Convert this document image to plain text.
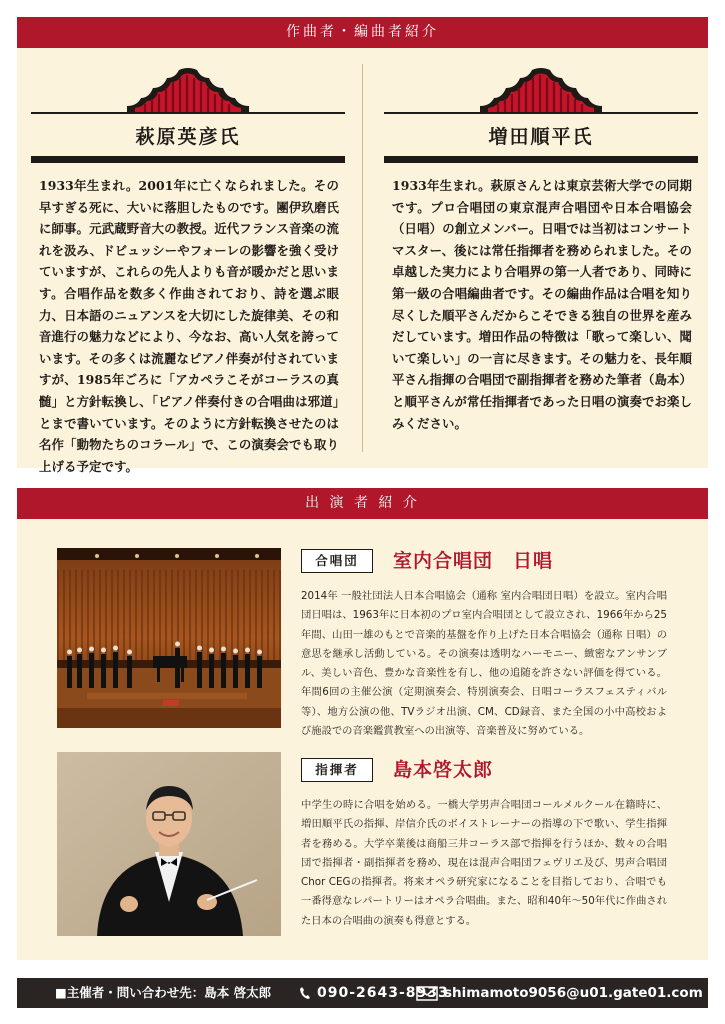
作曲者・編曲者紹介
萩原英彦氏
1933年生まれ。2001年に亡くなられました。その早すぎる死に、大いに落胆したものです。團伊玖磨氏に師事。元武蔵野音大の教授。近代フランス音楽の流れを汲み、ドビュッシーやフォーレの影響を強く受けていますが、これらの先人よりも音が暖かだと思います。合唱作品を数多く作曲されており、詩を選ぶ眼力、日本語のニュアンスを大切にした旋律美、その和音進行の魅力などにより、今なお、高い人気を誇っています。その多くは流麗なピアノ伴奏が付されていますが、1985年ごろに「アカペラこそがコーラスの真髄」と方針転換し、「ピアノ伴奏付きの合唱曲は邪道」とまで書いています。そのように方針転換させたのは名作「動物たちのコラール」で、この演奏会でも取り上げる予定です。
増田順平氏
1933年生まれ。萩原さんとは東京芸術大学での同期です。プロ合唱団の東京混声合唱団や日本合唱協会（日唱）の創立メンバー。日唱では当初はコンサートマスター、後には常任指揮者を務められました。その卓越した実力により合唱界の第一人者であり、同時に第一級の合唱編曲者です。その編曲作品は合唱を知り尽くした順平さんだからこそできる独自の世界を産みだしています。増田作品の特徴は「歌って楽しい、聞いて楽しい」の一言に尽きます。その魅力を、長年順平さん指揮の合唱団で副指揮者を務めた筆者（島本）と順平さんが常任指揮者であった日唱の演奏でお楽しみください。
出 演 者 紹 介
合唱団	室内合唱団　日唱
2014年 一般社団法人日本合唱協会（通称 室内合唱団日唱）を設立。室内合唱団日唱は、1963年に日本初のプロ室内合唱団として設立され、1966年から25年間、山田一雄のもとで音楽的基盤を作り上げた日本合唱協会（通称 日唱）の意思を継承し活動している。その演奏は透明なハーモニー、緻密なアンサンブル、美しい音色、豊かな音楽性を有し、他の追随を許さない評価を得ている。年間6回の主催公演（定期演奏会、特別演奏会、日唱コーラスフェスティバル等）、地方公演の他、TVラジオ出演、CM、CD録音、また全国の小中高校および施設での音楽鑑賞教室への出演等、音楽普及に努めている。
指揮者	島本啓太郎
中学生の時に合唱を始める。一橋大学男声合唱団コールメルクール在籍時に、増田順平氏の指揮、岸信介氏のボイストレーナーの指導の下で歌い、学生指揮者を務める。大学卒業後は商船三井コーラス部で指揮を行うほか、数々の合唱団で指揮者・副指揮者を務め、現在は混声合唱団フェヴリエ及び、男声合唱団Chor CEGの指揮者。将来オペラ研究家になることを目指しており、合唱でも一番得意なレパートリーはオペラ合唱曲。また、昭和40年〜50年代に作曲された日本の合唱曲の演奏も得意とする。
■主催者・問い合わせ先：島本 啓太郎	090-2643-8933
shimamoto9056@u01.gate01.com
